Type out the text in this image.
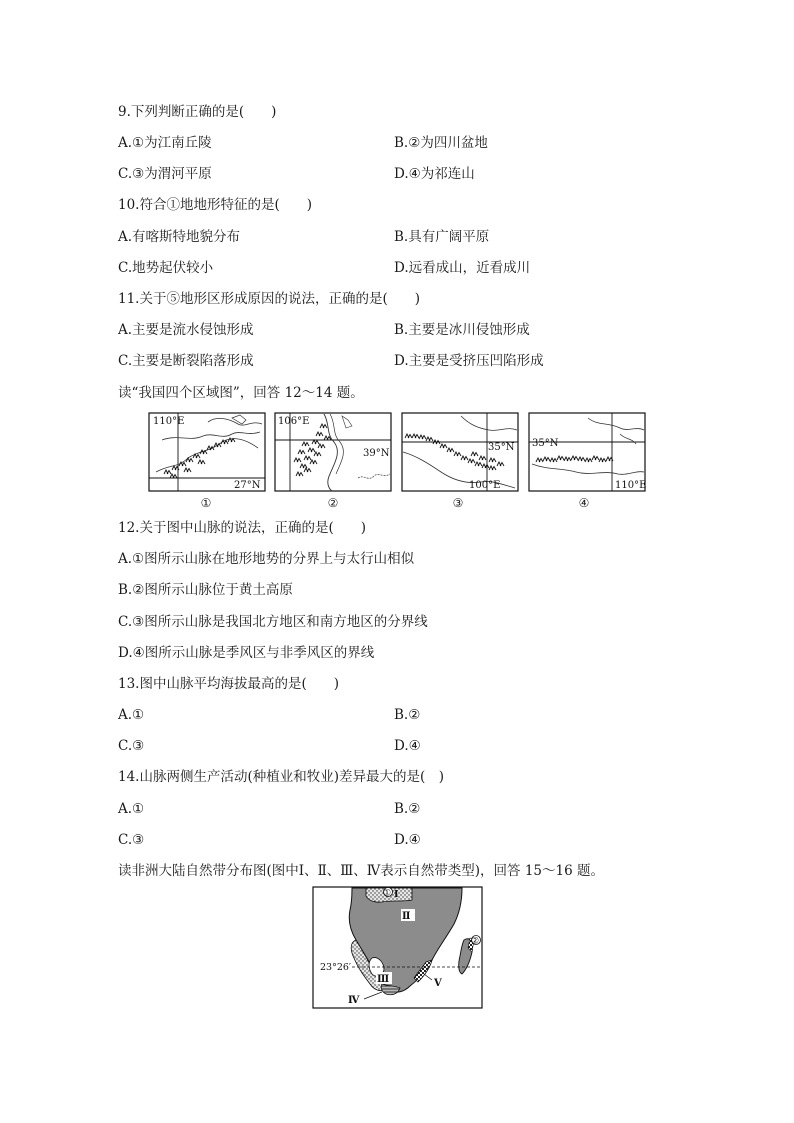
9.下列判断正确的是(　　)
A.①为江南丘陵	B.②为四川盆地
C.③为渭河平原	D.④为祁连山
10.符合①地地形特征的是(　　)
A.有喀斯特地貌分布	B.具有广阔平原
C.地势起伏较小	D.远看成山，近看成川
11.关于⑤地形区形成原因的说法，正确的是(　　)
A.主要是流水侵蚀形成	B.主要是冰川侵蚀形成
C.主要是断裂陷落形成	D.主要是受挤压凹陷形成
读“我国四个区域图”，回答 12～14 题。
110°E
27°N
106°E
39°N
35°N
100°E
35°N
110°E
①	②	③	④
12.关于图中山脉的说法，正确的是(　　)
A.①图所示山脉在地形地势的分界上与太行山相似
B.②图所示山脉位于黄土高原
C.③图所示山脉是我国北方地区和南方地区的分界线
D.④图所示山脉是季风区与非季风区的界线
13.图中山脉平均海拔最高的是(　　)
A.①	B.②
C.③	D.④
14.山脉两侧生产活动(种植业和牧业)差异最大的是(　)
A.①	B.②
C.③	D.④
读非洲大陆自然带分布图(图中Ⅰ、Ⅱ、Ⅲ、Ⅳ表示自然带类型)，回答 15～16 题。
23°26′
①
②
Ⅰ
Ⅱ
Ⅲ
Ⅳ
Ⅴ
